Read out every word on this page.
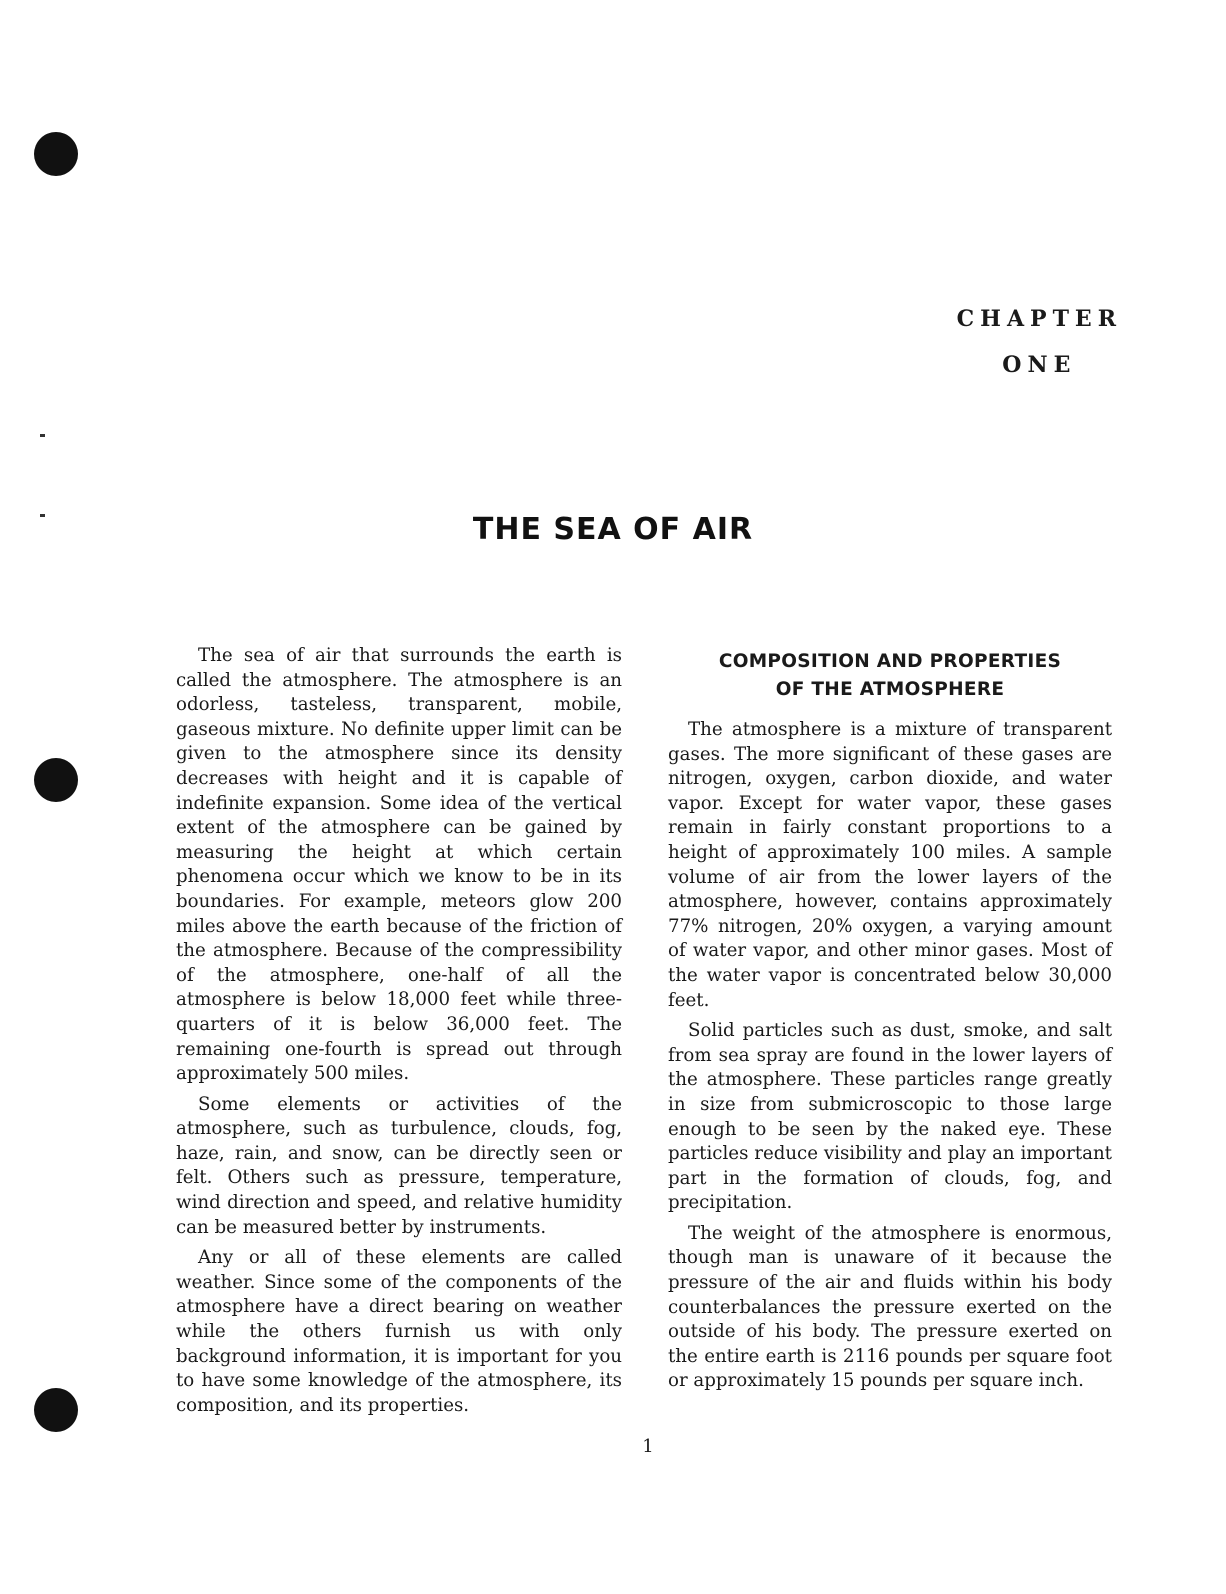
CHAPTER
ONE
THE SEA OF AIR

The sea of air that surrounds the earth is called the atmosphere. The atmosphere is an odorless, tasteless, transparent, mobile, gaseous mixture. No definite upper limit can be given to the atmosphere since its density decreases with height and it is capable of indefinite expansion. Some idea of the vertical extent of the atmosphere can be gained by measuring the height at which certain phenomena occur which we know to be in its boundaries. For example, meteors glow 200 miles above the earth because of the friction of the atmosphere. Because of the compressibility of the atmosphere, one-half of all the atmosphere is below 18,000 feet while three-quarters of it is below 36,000 feet. The remaining one-fourth is spread out through approximately 500 miles.

Some elements or activities of the atmosphere, such as turbulence, clouds, fog, haze, rain, and snow, can be directly seen or felt. Others such as pressure, temperature, wind direction and speed, and relative humidity can be measured better by instruments.

Any or all of these elements are called weather. Since some of the components of the atmosphere have a direct bearing on weather while the others furnish us with only background information, it is important for you to have some knowledge of the atmosphere, its composition, and its properties.

COMPOSITION AND PROPERTIES
OF THE ATMOSPHERE

The atmosphere is a mixture of transparent gases. The more significant of these gases are nitrogen, oxygen, carbon dioxide, and water vapor. Except for water vapor, these gases remain in fairly constant proportions to a height of approximately 100 miles. A sample volume of air from the lower layers of the atmosphere, however, contains approximately 77% nitrogen, 20% oxygen, a varying amount of water vapor, and other minor gases. Most of the water vapor is concentrated below 30,000 feet.

Solid particles such as dust, smoke, and salt from sea spray are found in the lower layers of the atmosphere. These particles range greatly in size from submicroscopic to those large enough to be seen by the naked eye. These particles reduce visibility and play an important part in the formation of clouds, fog, and precipitation.

The weight of the atmosphere is enormous, though man is unaware of it because the pressure of the air and fluids within his body counterbalances the pressure exerted on the outside of his body. The pressure exerted on the entire earth is 2116 pounds per square foot or approximately 15 pounds per square inch.

1
